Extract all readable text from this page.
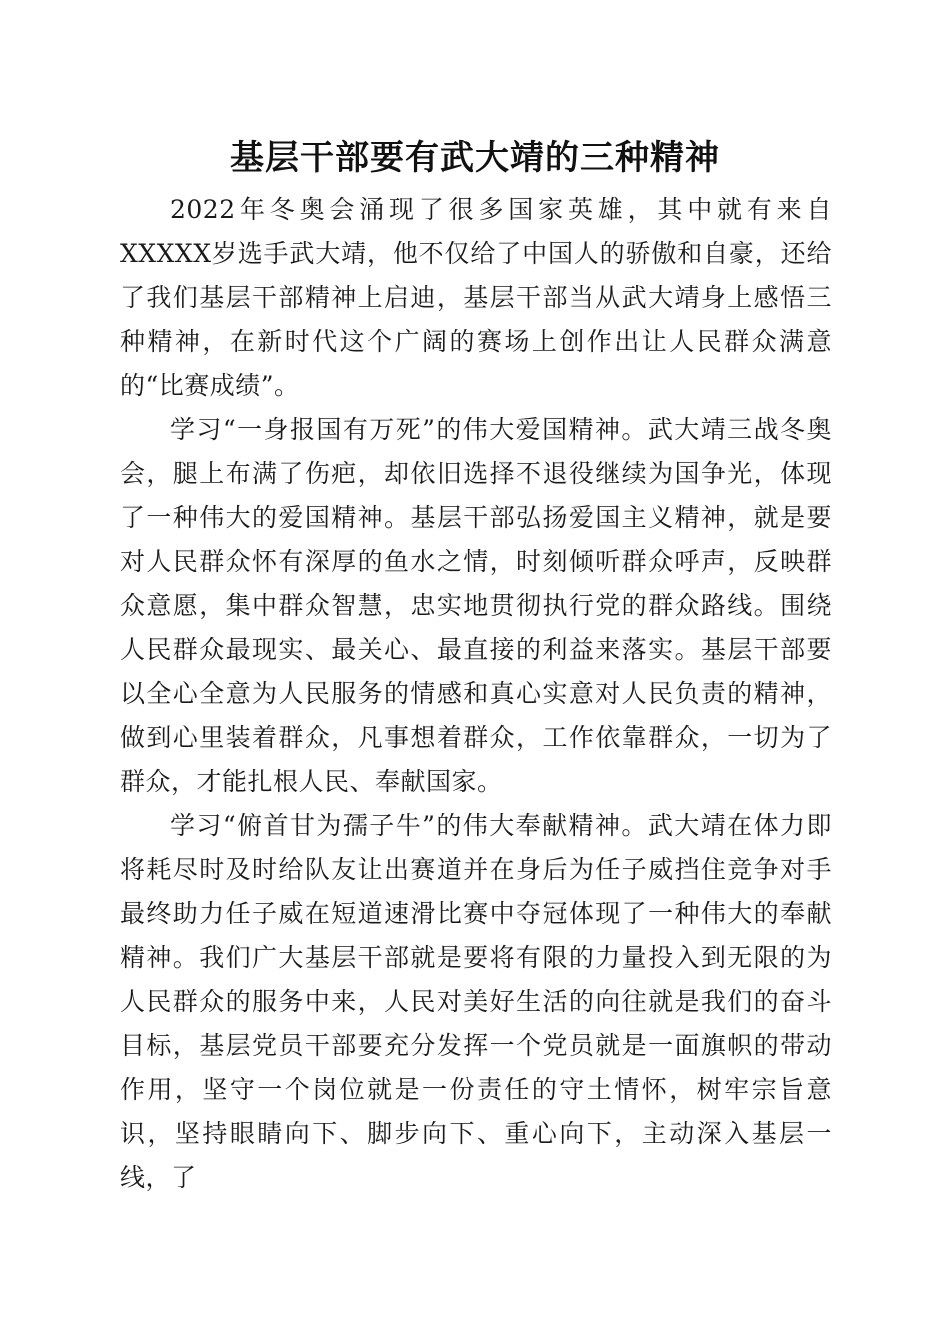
基层干部要有武大靖的三种精神

2022年冬奥会涌现了很多国家英雄，其中就有来自XXXXX岁选手武大靖，他不仅给了中国人的骄傲和自豪，还给了我们基层干部精神上启迪，基层干部当从武大靖身上感悟三种精神，在新时代这个广阔的赛场上创作出让人民群众满意的“比赛成绩”。

学习“一身报国有万死”的伟大爱国精神。武大靖三战冬奥会，腿上布满了伤疤，却依旧选择不退役继续为国争光，体现了一种伟大的爱国精神。基层干部弘扬爱国主义精神，就是要对人民群众怀有深厚的鱼水之情，时刻倾听群众呼声，反映群众意愿，集中群众智慧，忠实地贯彻执行党的群众路线。围绕人民群众最现实、最关心、最直接的利益来落实。基层干部要以全心全意为人民服务的情感和真心实意对人民负责的精神，做到心里装着群众，凡事想着群众，工作依靠群众，一切为了群众，才能扎根人民、奉献国家。

学习“俯首甘为孺子牛”的伟大奉献精神。武大靖在体力即将耗尽时及时给队友让出赛道并在身后为任子威挡住竞争对手最终助力任子威在短道速滑比赛中夺冠体现了一种伟大的奉献精神。我们广大基层干部就是要将有限的力量投入到无限的为人民群众的服务中来，人民对美好生活的向往就是我们的奋斗目标，基层党员干部要充分发挥一个党员就是一面旗帜的带动作用，坚守一个岗位就是一份责任的守土情怀，树牢宗旨意识，坚持眼睛向下、脚步向下、重心向下，主动深入基层一线，了
